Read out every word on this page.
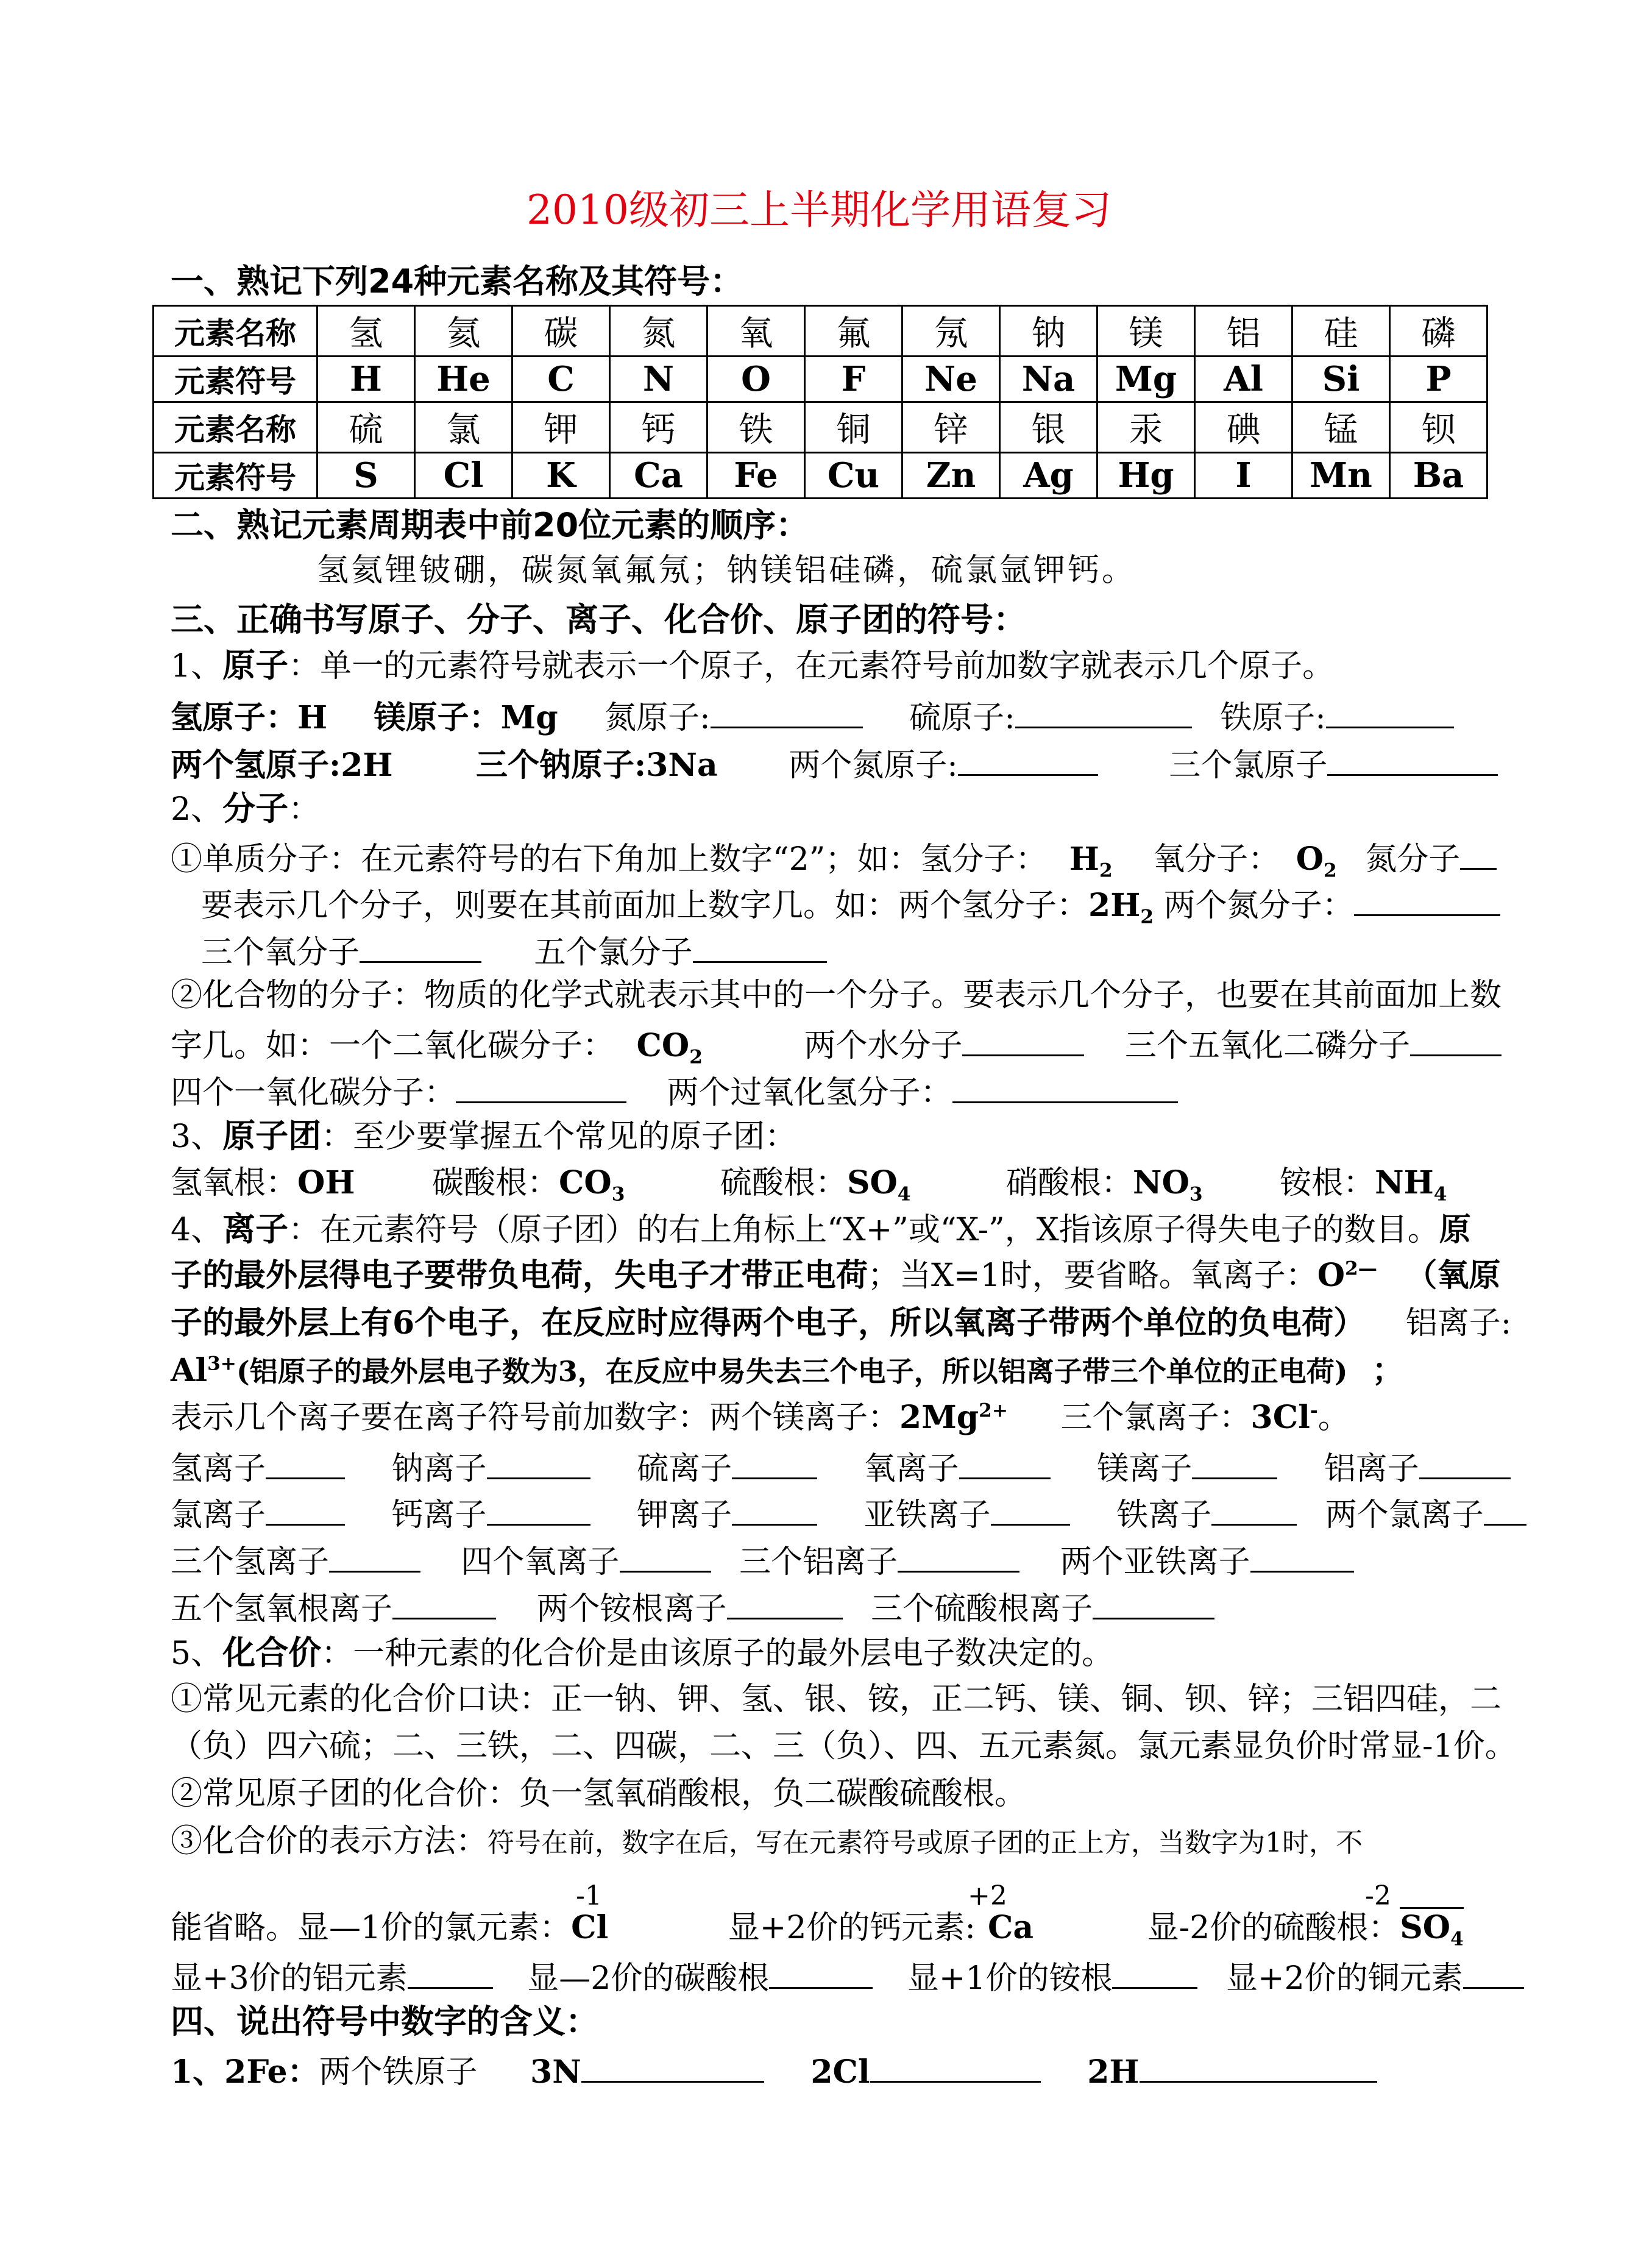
2010级初三上半期化学用语复习
一、熟记下列24种元素名称及其符号：
元素名称	氢	氦	碳	氮	氧	氟	氖	钠	镁	铝	硅	磷
元素符号	H	He	C	N	O	F	Ne	Na	Mg	Al	Si	P
元素名称	硫	氯	钾	钙	铁	铜	锌	银	汞	碘	锰	钡
元素符号	S	Cl	K	Ca	Fe	Cu	Zn	Ag	Hg	I	Mn	Ba
二、熟记元素周期表中前20位元素的顺序：
氢氦锂铍硼，碳氮氧氟氖；钠镁铝硅磷，硫氯氩钾钙。
三、正确书写原子、分子、离子、化合价、原子团的符号：
1、原子：单一的元素符号就表示一个原子，在元素符号前加数字就表示几个原子。
氢原子：H 镁原子：Mg 氮原子:	硫原子:	铁原子:
两个氢原子:2H	三个钠原子:3Na 两个氮原子:	三个氯原子
2、分子：
①单质分子：在元素符号的右下角加上数字“2”；如：氢分子： $H_2$ 氧分子： $O_2$ 氮分子
要表示几个分子，则要在其前面加上数字几。如：两个氢分子：$2H_2$ 两个氮分子：
三个氧分子	五个氯分子
②化合物的分子：物质的化学式就表示其中的一个分子。要表示几个分子，也要在其前面加上数
字几。如：一个二氧化碳分子： $CO_2$	两个水分子	三个五氧化二磷分子
四个一氧化碳分子：	两个过氧化氢分子：
3、原子团：至少要掌握五个常见的原子团：
氢氧根：OH 碳酸根：$CO_3$	硫酸根：$SO_4$	硝酸根：$NO_3$ 铵根：$NH_4$
4、离子：在元素符号（原子团）的右上角标上“X+”或“X-”，X指该原子得失电子的数目。原
子的最外层得电子要带负电荷，失电子才带正电荷；当X=1时，要省略。氧离子：$O^{2—}$ （氧原
子的最外层上有6个电子，在反应时应得两个电子，所以氧离子带两个单位的负电荷） 铝离子:
$Al^{3+}$(铝原子的最外层电子数为3，在反应中易失去三个电子，所以铝离子带三个单位的正电荷) ；
表示几个离子要在离子符号前加数字：两个镁离子：$2Mg^{2+}$ 三个氯离子：3Cl-。
氢离子	钠离子	硫离子	氧离子	镁离子	铝离子
氯离子	钙离子	钾离子	亚铁离子	铁离子	两个氯离子
三个氢离子	四个氧离子	三个铝离子	两个亚铁离子
五个氢氧根离子	两个铵根离子	三个硫酸根离子
5、化合价：一种元素的化合价是由该原子的最外层电子数决定的。
①常见元素的化合价口诀：正一钠、钾、氢、银、铵，正二钙、镁、铜、钡、锌；三铝四硅，二
（负）四六硫；二、三铁，二、四碳，二、三（负）、四、五元素氮。氯元素显负价时常显-1价。
②常见原子团的化合价：负一氢氧硝酸根，负二碳酸硫酸根。
③化合价的表示方法：符号在前，数字在后，写在元素符号或原子团的正上方，当数字为1时，不
-1	+2	-2
能省略。显—1价的氯元素：Cl	显+2价的钙元素: Ca	显-2价的硫酸根：$SO_4$
显+3价的铝元素	显—2价的碳酸根	显+1价的铵根	显+2价的铜元素
四、说出符号中数字的含义：
1、2Fe：两个铁原子 3N	2Cl	2H
